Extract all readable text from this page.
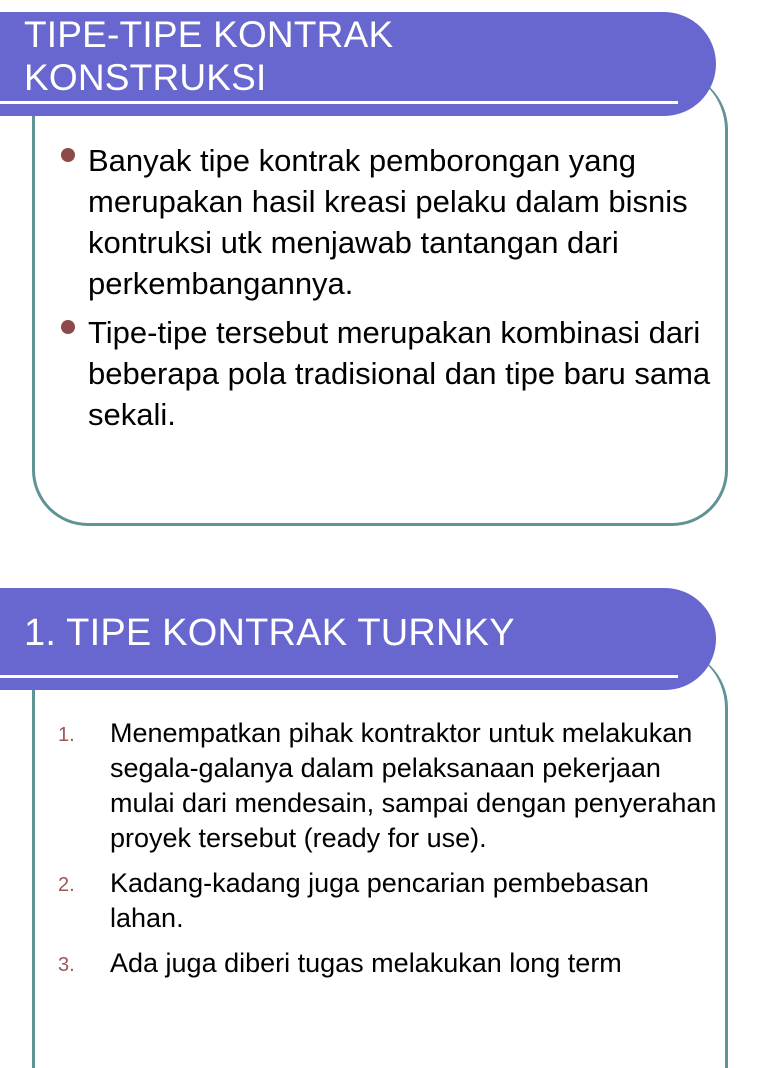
TIPE-TIPE KONTRAK
KONSTRUKSI
Banyak tipe kontrak pemborongan yang merupakan hasil kreasi pelaku dalam bisnis kontruksi utk menjawab tantangan dari perkembangannya.
Tipe-tipe tersebut merupakan kombinasi dari beberapa pola tradisional dan tipe baru sama sekali.
1. TIPE KONTRAK TURNKY
1. Menempatkan pihak kontraktor untuk melakukan segala-galanya dalam pelaksanaan pekerjaan mulai dari mendesain, sampai dengan penyerahan proyek tersebut (ready for use).
2. Kadang-kadang juga pencarian pembebasan lahan.
3. Ada juga diberi tugas melakukan long term
